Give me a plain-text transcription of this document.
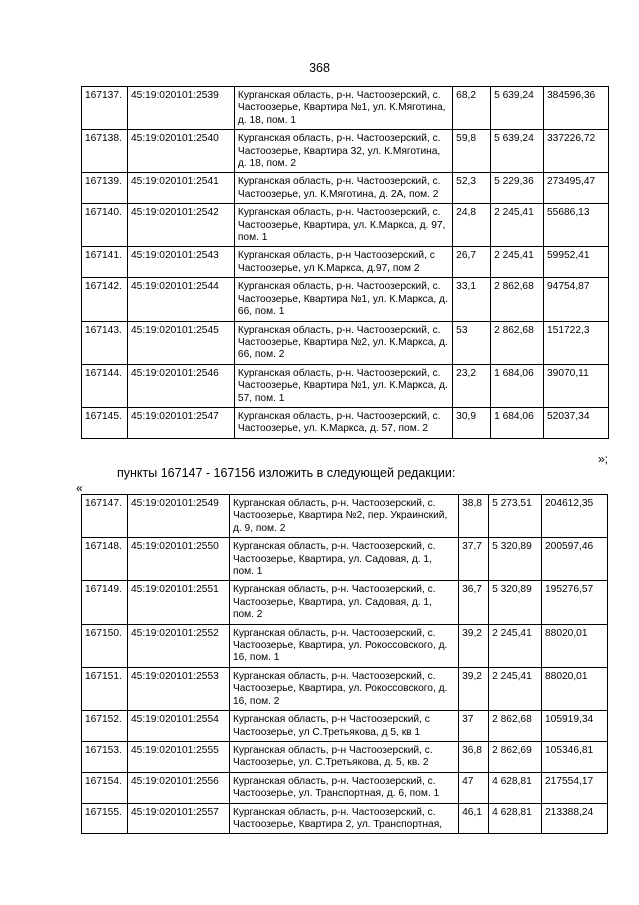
368
167137.	45:19:020101:2539	Курганская область, р-н. Частоозерский, с. Частоозерье, Квартира №1, ул. К.Мяготина, д. 18, пом. 1	68,2	5 639,24	384596,36
167138.	45:19:020101:2540	Курганская область, р-н. Частоозерский, с. Частоозерье, Квартира 32, ул. К.Мяготина, д. 18, пом. 2	59,8	5 639,24	337226,72
167139.	45:19:020101:2541	Курганская область, р-н. Частоозерский, с. Частоозерье, ул. К.Мяготина, д. 2А, пом. 2	52,3	5 229,36	273495,47
167140.	45:19:020101:2542	Курганская область, р-н. Частоозерский, с. Частоозерье, Квартира, ул. К.Маркса, д. 97, пом. 1	24,8	2 245,41	55686,13
167141.	45:19:020101:2543	Курганская область, р-н Частоозерский, с Частоозерье, ул К.Маркса, д.97, пом 2	26,7	2 245,41	59952,41
167142.	45:19:020101:2544	Курганская область, р-н. Частоозерский, с. Частоозерье, Квартира №1, ул. К.Маркса, д. 66, пом. 1	33,1	2 862,68	94754,87
167143.	45:19:020101:2545	Курганская область, р-н. Частоозерский, с. Частоозерье, Квартира №2, ул. К.Маркса, д. 66, пом. 2	53	2 862,68	151722,3
167144.	45:19:020101:2546	Курганская область, р-н. Частоозерский, с. Частоозерье, Квартира №1, ул. К.Маркса, д. 57, пом. 1	23,2	1 684,06	39070,11
167145.	45:19:020101:2547	Курганская область, р-н. Частоозерский, с. Частоозерье, ул. К.Маркса, д. 57, пом. 2	30,9	1 684,06	52037,34
»;
пункты 167147 - 167156 изложить в следующей редакции:
«
167147.	45:19:020101:2549	Курганская область, р-н. Частоозерский, с. Частоозерье, Квартира №2, пер. Украинский, д. 9, пом. 2	38,8	5 273,51	204612,35
167148.	45:19:020101:2550	Курганская область, р-н. Частоозерский, с. Частоозерье, Квартира, ул. Садовая, д. 1, пом. 1	37,7	5 320,89	200597,46
167149.	45:19:020101:2551	Курганская область, р-н. Частоозерский, с. Частоозерье, Квартира, ул. Садовая, д. 1, пом. 2	36,7	5 320,89	195276,57
167150.	45:19:020101:2552	Курганская область, р-н. Частоозерский, с. Частоозерье, Квартира, ул. Рокоссовского, д. 16, пом. 1	39,2	2 245,41	88020,01
167151.	45:19:020101:2553	Курганская область, р-н. Частоозерский, с. Частоозерье, Квартира, ул. Рокоссовского, д. 16, пом. 2	39,2	2 245,41	88020,01
167152.	45:19:020101:2554	Курганская область, р-н Частоозерский, с Частоозерье, ул С.Третьякова, д 5, кв 1	37	2 862,68	105919,34
167153.	45:19:020101:2555	Курганская область, р-н Частоозерский, с. Частоозерье, ул. С.Третьякова, д. 5, кв. 2	36,8	2 862,69	105346,81
167154.	45:19:020101:2556	Курганская область, р-н. Частоозерский, с. Частоозерье, ул. Транспортная, д. 6, пом. 1	47	4 628,81	217554,17
167155.	45:19:020101:2557	Курганская область, р-н. Частоозерский, с. Частоозерье, Квартира 2, ул. Транспортная,	46,1	4 628,81	213388,24
